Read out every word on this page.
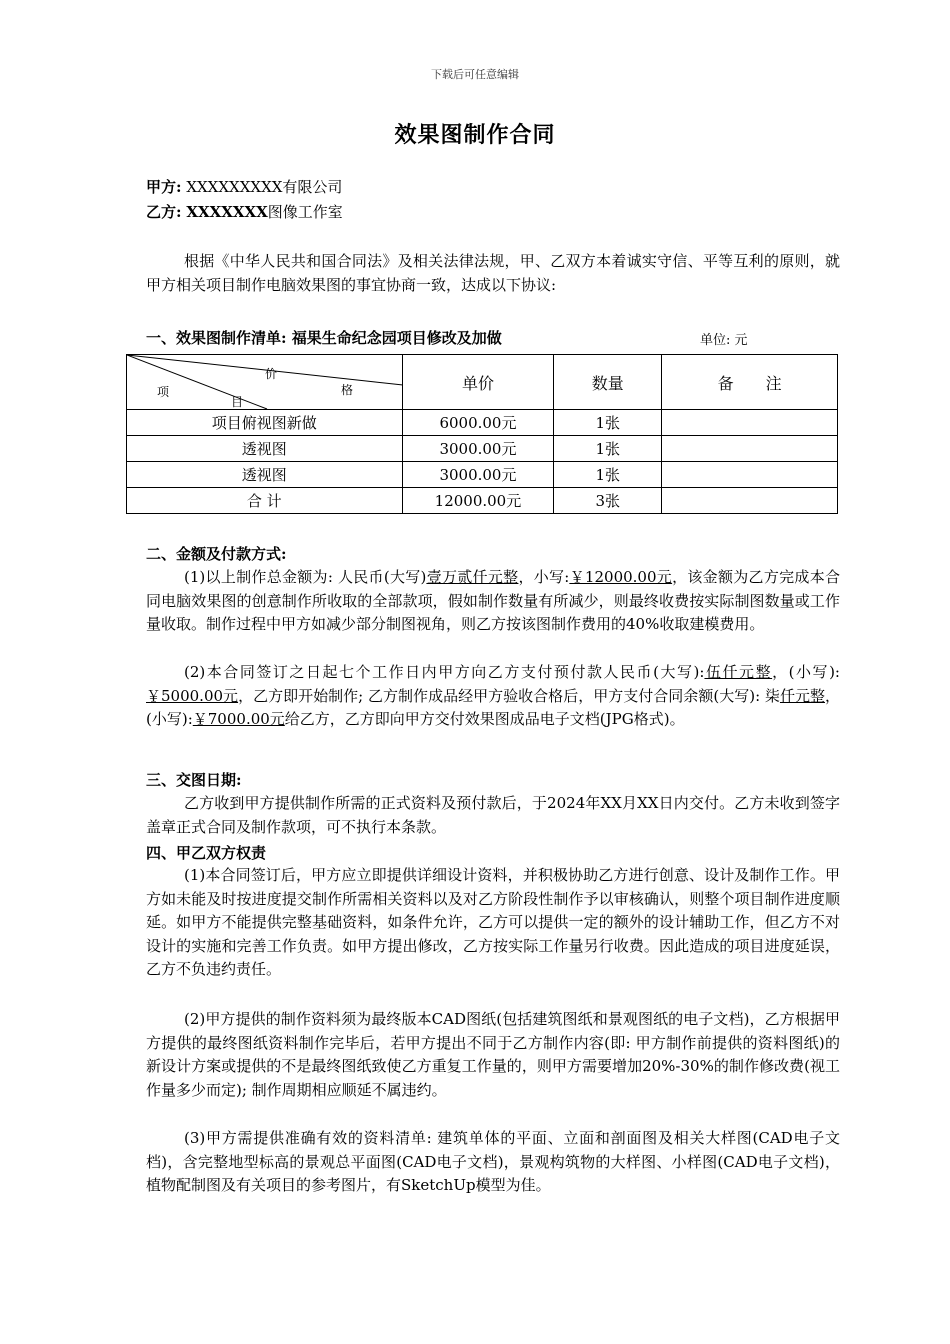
下载后可任意编辑
效果图制作合同
甲方: XXXXXXXXX有限公司
乙方: XXXXXXX图像工作室
根据《中华人民共和国合同法》及相关法律法规，甲、乙双方本着诚实守信、平等互利的原则，就甲方相关项目制作电脑效果图的事宜协商一致，达成以下协议:
一、效果图制作清单: 福果生命纪念园项目修改及加做	单位: 元
价
格
项
目	单价	数量	备　　注
项目俯视图新做	6000.00元	1张	
透视图	3000.00元	1张	
透视图	3000.00元	1张	
合 计	12000.00元	3张	
二、金额及付款方式:
(1)以上制作总金额为: 人民币(大写)壹万贰仟元整，小写:￥12000.00元，该金额为乙方完成本合同电脑效果图的创意制作所收取的全部款项，假如制作数量有所减少，则最终收费按实际制图数量或工作量收取。制作过程中甲方如减少部分制图视角，则乙方按该图制作费用的40%收取建模费用。
(2)本合同签订之日起七个工作日内甲方向乙方支付预付款人民币(大写):伍仟元整，(小写):￥5000.00元，乙方即开始制作; 乙方制作成品经甲方验收合格后，甲方支付合同余额(大写): 柒仟元整，(小写):￥7000.00元给乙方，乙方即向甲方交付效果图成品电子文档(JPG格式)。
三、交图日期:
乙方收到甲方提供制作所需的正式资料及预付款后，于2024年XX月XX日内交付。乙方未收到签字盖章正式合同及制作款项，可不执行本条款。
四、甲乙双方权责
(1)本合同签订后，甲方应立即提供详细设计资料，并积极协助乙方进行创意、设计及制作工作。甲方如未能及时按进度提交制作所需相关资料以及对乙方阶段性制作予以审核确认，则整个项目制作进度顺延。如甲方不能提供完整基础资料，如条件允许，乙方可以提供一定的额外的设计辅助工作，但乙方不对设计的实施和完善工作负责。如甲方提出修改，乙方按实际工作量另行收费。因此造成的项目进度延误，乙方不负违约责任。
(2)甲方提供的制作资料须为最终版本CAD图纸(包括建筑图纸和景观图纸的电子文档)，乙方根据甲方提供的最终图纸资料制作完毕后，若甲方提出不同于乙方制作内容(即: 甲方制作前提供的资料图纸)的新设计方案或提供的不是最终图纸致使乙方重复工作量的，则甲方需要增加20%-30%的制作修改费(视工作量多少而定); 制作周期相应顺延不属违约。
(3)甲方需提供准确有效的资料清单: 建筑单体的平面、立面和剖面图及相关大样图(CAD电子文档)，含完整地型标高的景观总平面图(CAD电子文档)，景观构筑物的大样图、小样图(CAD电子文档)，植物配制图及有关项目的参考图片，有SketchUp模型为佳。
